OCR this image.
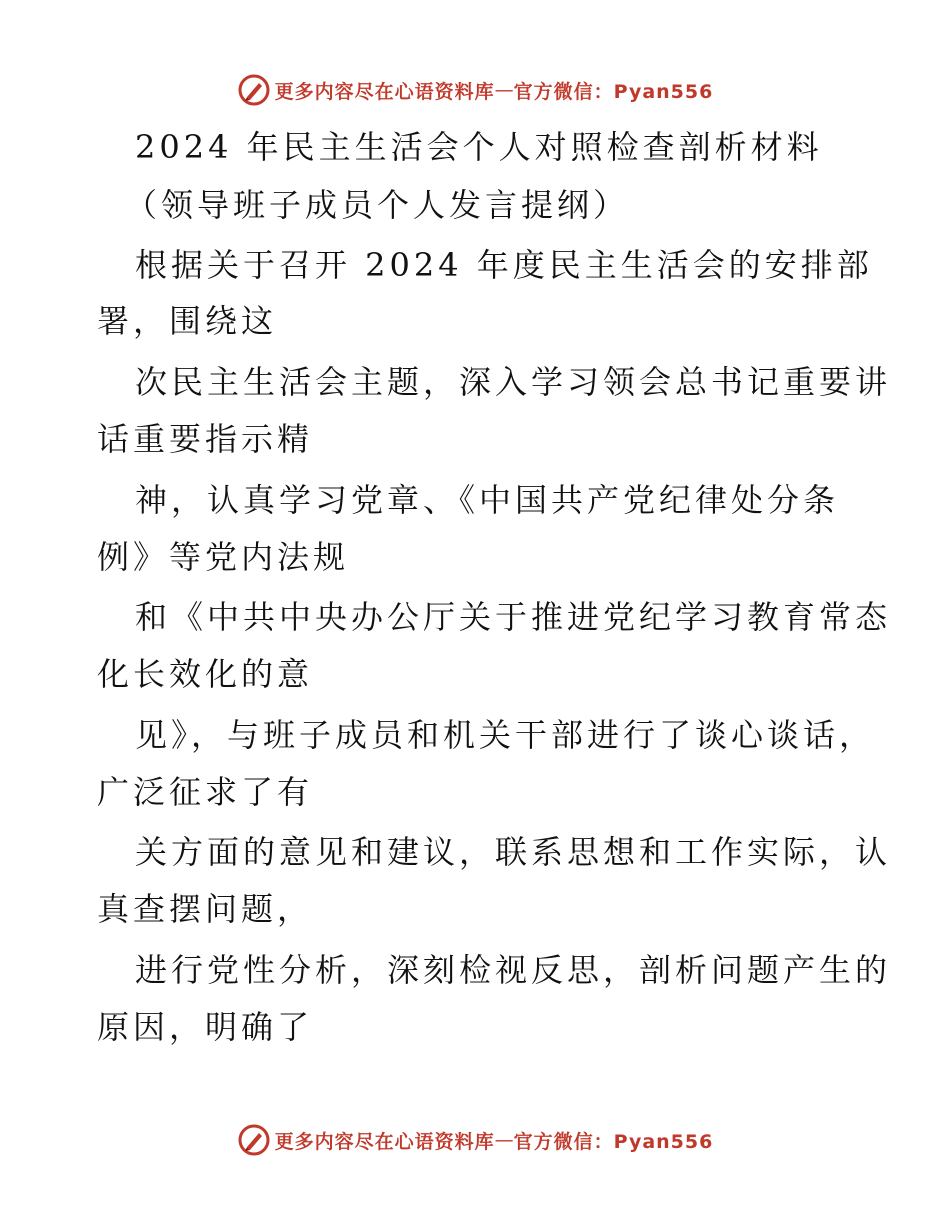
更多内容尽在心语资料库 — 官方微信：Pyan556
2024 年民主生活会个人对照检查剖析材料
（领导班子成员个人发言提纲）
根据关于召开 2024 年度民主生活会的安排部
署，围绕这
次民主生活会主题，深入学习领会总书记重要讲
话重要指示精
神，认真学习党章、《中国共产党纪律处分条
例》等党内法规
和《中共中央办公厅关于推进党纪学习教育常态
化长效化的意
见》，与班子成员和机关干部进行了谈心谈话，
广泛征求了有
关方面的意见和建议，联系思想和工作实际，认
真查摆问题，
进行党性分析，深刻检视反思，剖析问题产生的
原因，明确了
更多内容尽在心语资料库 — 官方微信：Pyan556
